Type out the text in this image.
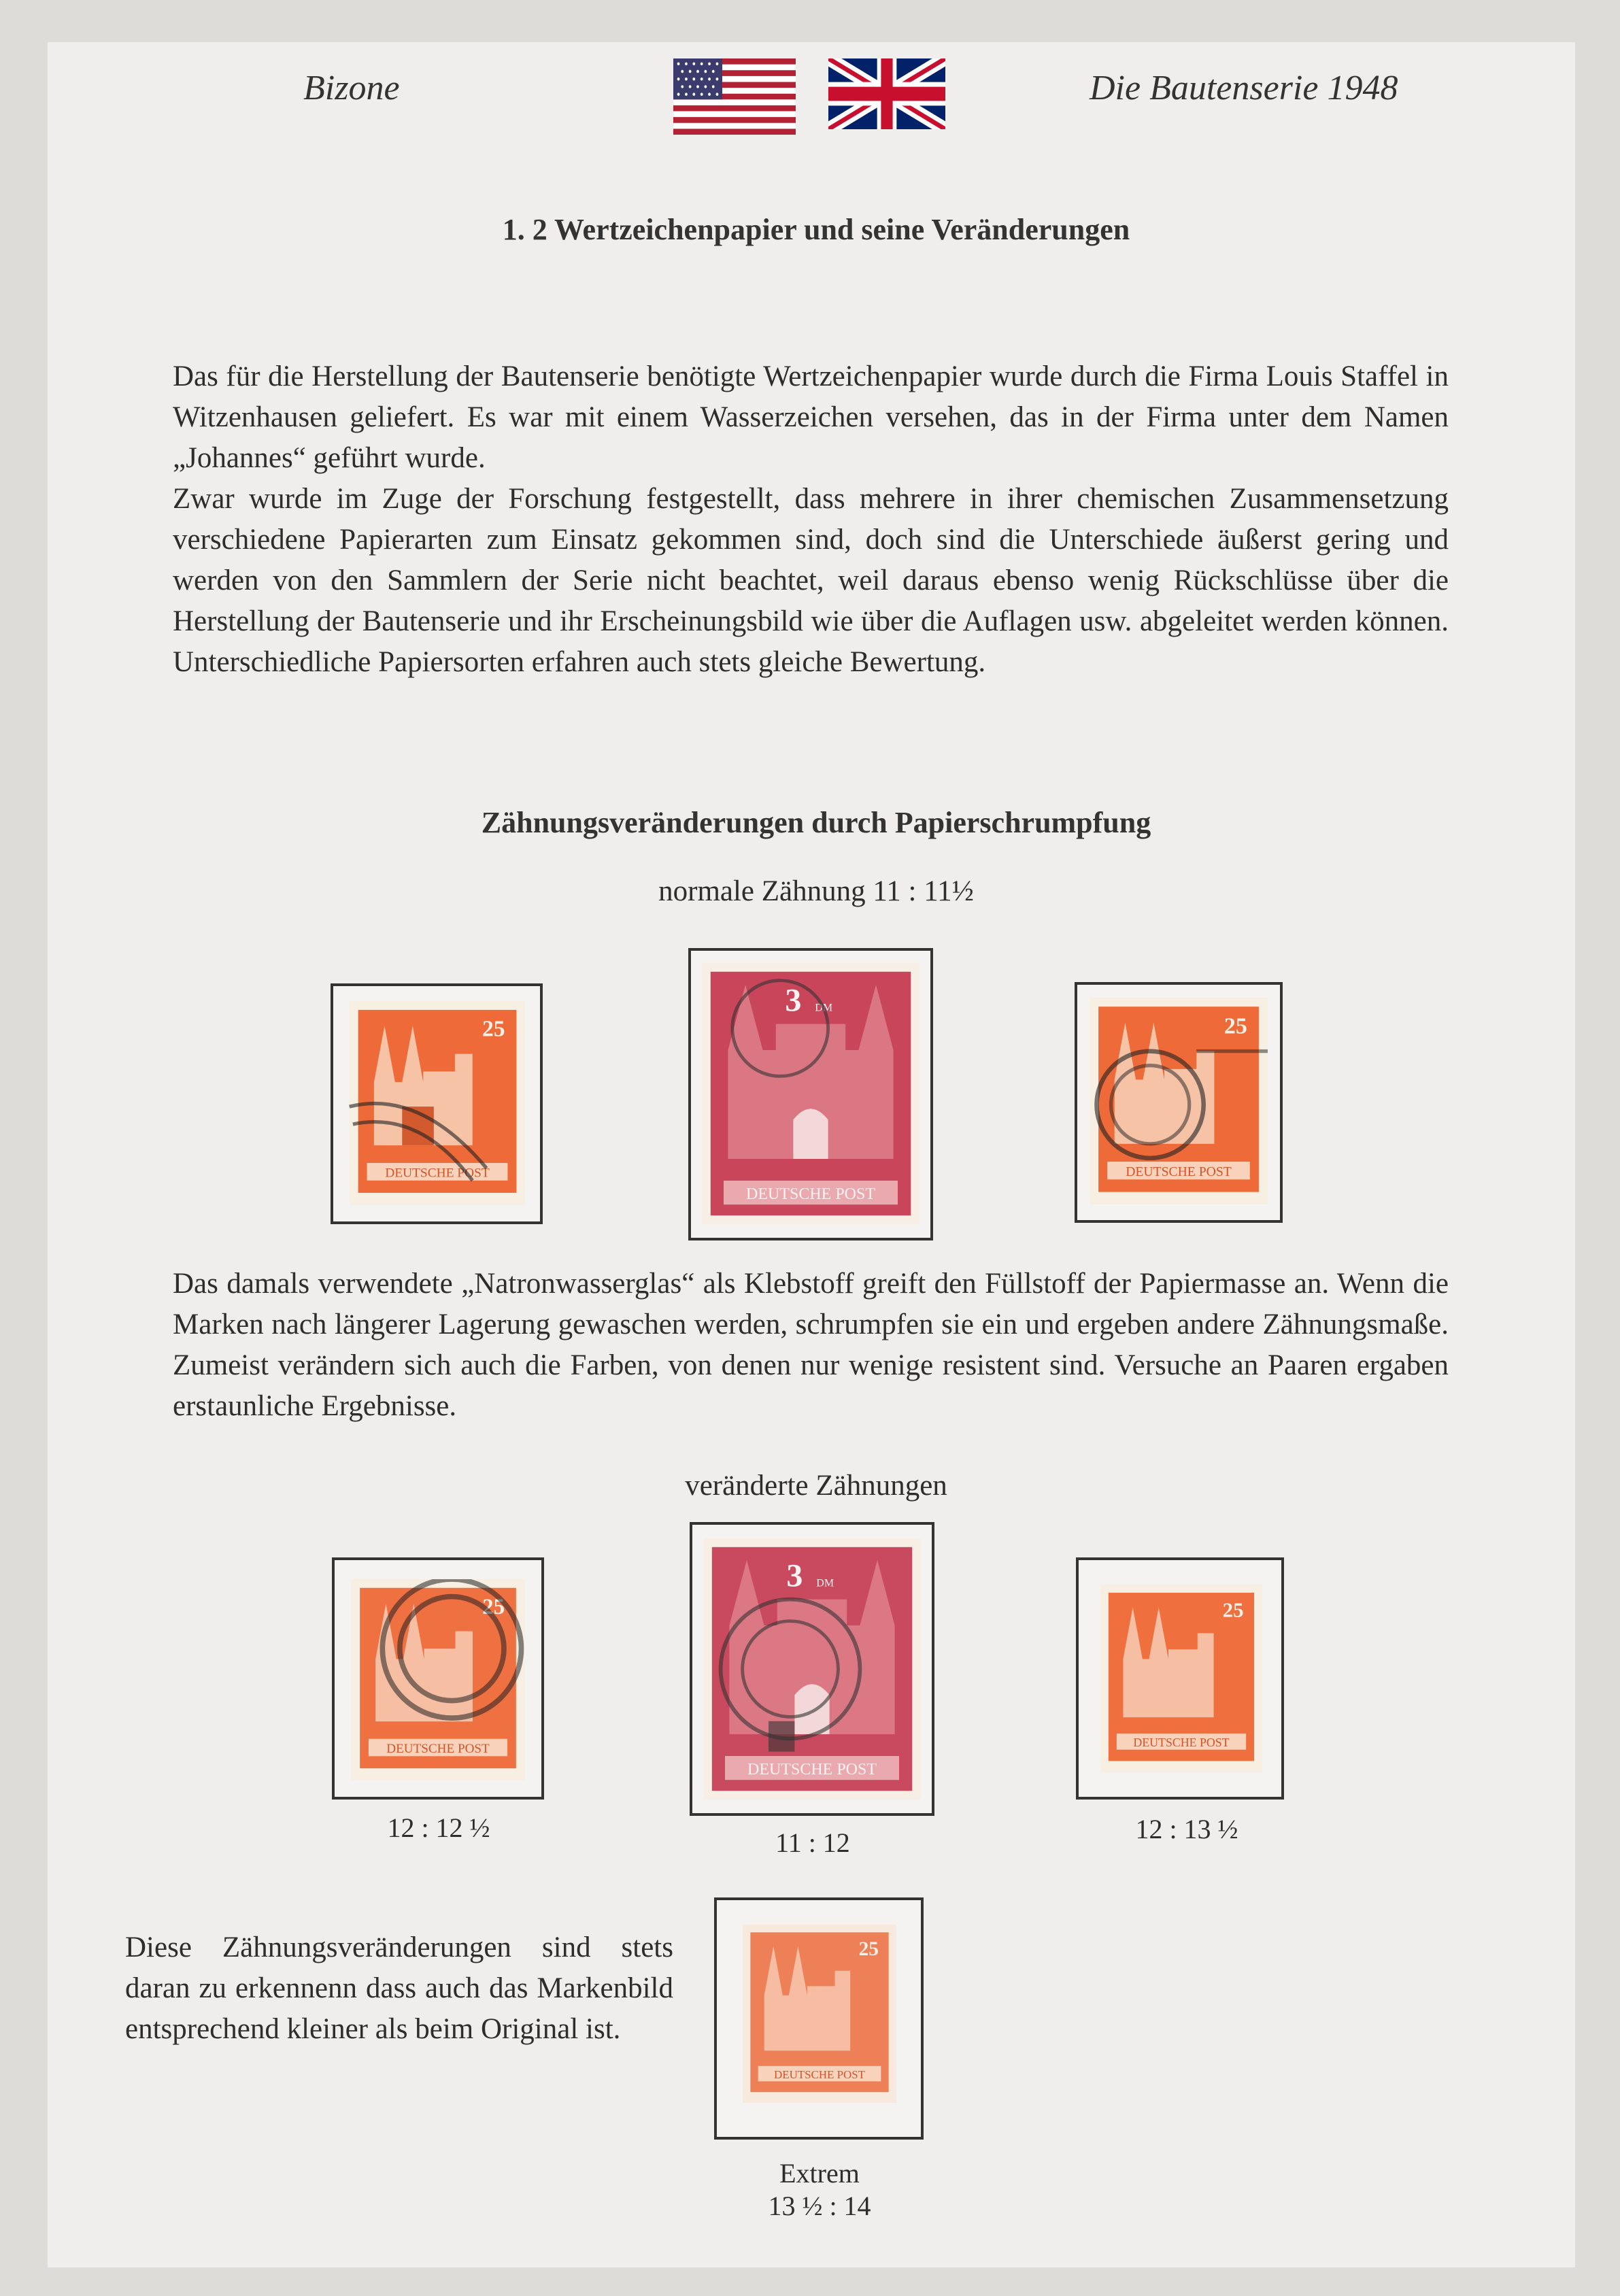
Bizone	Die Bautenserie 1948
1. 2 Wertzeichenpapier und seine Veränderungen

Das für die Herstellung der Bautenserie benötigte Wertzeichenpapier wurde durch die Firma Louis Staffel in Witzenhausen geliefert. Es war mit einem Wasserzeichen versehen, das in der Firma unter dem Namen „Johannes“ geführt wurde.

Zwar wurde im Zuge der Forschung festgestellt, dass mehrere in ihrer chemischen Zusammensetzung verschiedene Papierarten zum Einsatz gekommen sind, doch sind die Unterschiede äußerst gering und werden von den Sammlern der Serie nicht beachtet, weil daraus ebenso wenig Rückschlüsse über die Herstellung der Bautenserie und ihr Erscheinungsbild wie über die Auflagen usw. abgeleitet werden können. Unterschiedliche Papiersorten erfahren auch stets gleiche Bewertung.

Zähnungsveränderungen durch Papierschrumpfung
normale Zähnung 11 : 11½
DEUTSCHE POST
25
DEUTSCHE POST
3	DM
DEUTSCHE POST
25
Das damals verwendete „Natronwasserglas“ als Klebstoff greift den Füllstoff der Papiermasse an. Wenn die Marken nach längerer Lagerung gewaschen werden, schrumpfen sie ein und ergeben andere Zähnungsmaße. Zumeist verändern sich auch die Farben, von denen nur wenige resistent sind. Versuche an Paaren ergaben erstaunliche Ergebnisse.
veränderte Zähnungen
DEUTSCHE POST
25
DEUTSCHE POST
3	DM
DEUTSCHE POST
25
12 : 12 ½	11 : 12	12 : 13 ½
Diese Zähnungsveränderungen sind stets daran zu erkennenn dass auch das Markenbild entsprechend kleiner als beim Original ist.
DEUTSCHE POST
25
Extrem
13 ½ : 14
